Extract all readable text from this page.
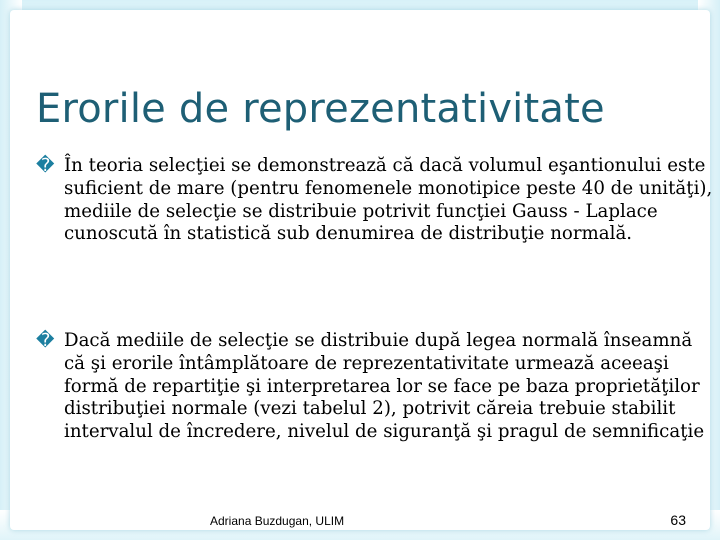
Erorile de reprezentativitate

� În teoria selecţiei se demonstrează că dacă volumul eşantionului este suficient de mare (pentru fenomenele monotipice peste 40 de unităţi), mediile de selecţie se distribuie potrivit funcţiei Gauss - Laplace cunoscută în statistică sub denumirea de distribuţie normală.

� Dacă mediile de selecţie se distribuie după legea normală înseamnă că şi erorile întâmplătoare de reprezentativitate urmează aceeaşi formă de repartiţie şi interpretarea lor se face pe baza proprietăţilor distribuţiei normale (vezi tabelul 2), potrivit căreia trebuie stabilit intervalul de încredere, nivelul de siguranţă şi pragul de semnificaţie

Adriana Buzdugan, ULIM	63
